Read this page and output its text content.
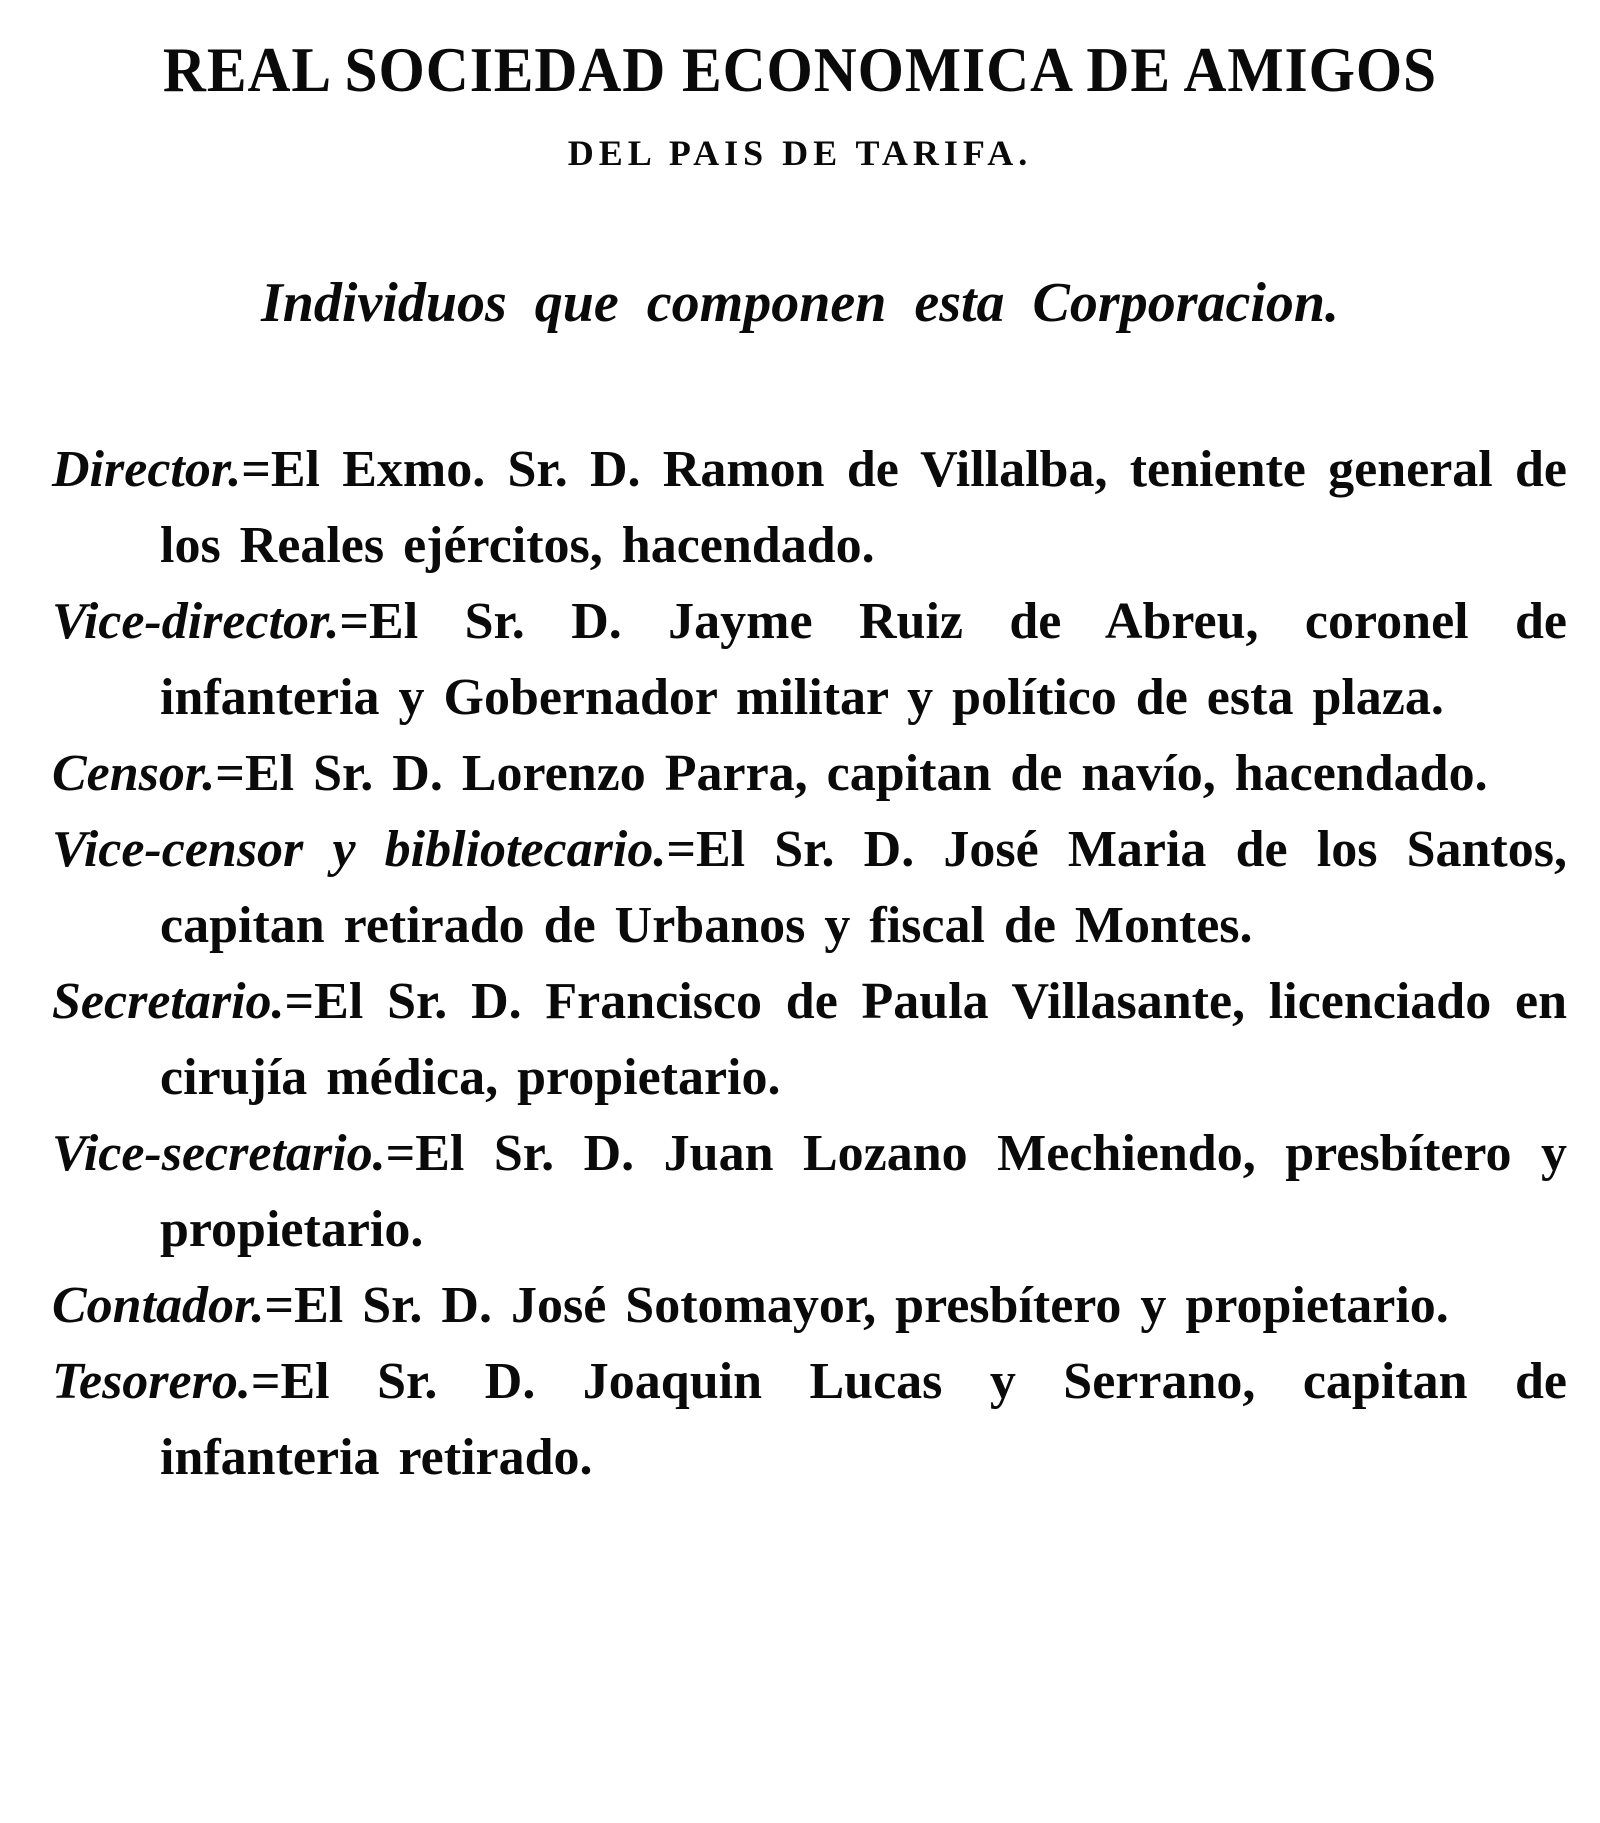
REAL SOCIEDAD ECONOMICA DE AMIGOS
DEL PAIS DE TARIFA.
Individuos que componen esta Corporacion.

Director.=El Exmo. Sr. D. Ramon de Villalba, teniente general de los Reales ejércitos, hacendado.

Vice-director.=El Sr. D. Jayme Ruiz de Abreu, coronel de infanteria y Gobernador militar y político de esta plaza.

Censor.=El Sr. D. Lorenzo Parra, capitan de navío, hacendado.

Vice-censor y bibliotecario.=El Sr. D. José Maria de los Santos, capitan retirado de Urbanos y fiscal de Montes.

Secretario.=El Sr. D. Francisco de Paula Villasante, licenciado en cirujía médica, propietario.

Vice-secretario.=El Sr. D. Juan Lozano Mechiendo, presbítero y propietario.

Contador.=El Sr. D. José Sotomayor, presbítero y propietario.

Tesorero.=El Sr. D. Joaquin Lucas y Serrano, capitan de infanteria retirado.
